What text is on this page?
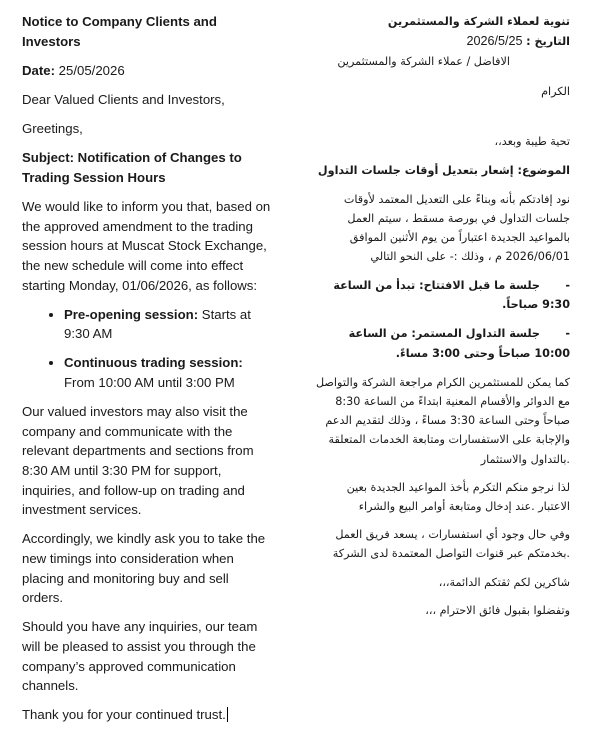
Notice to Company Clients and Investors

Date: 25/05/2026

Dear Valued Clients and Investors,

Greetings,

Subject: Notification of Changes to Trading Session Hours

We would like to inform you that, based on the approved amendment to the trading session hours at Muscat Stock Exchange, the new schedule will come into effect starting Monday, 01/06/2026, as follows:

• Pre-opening session: Starts at 9:30 AM
• Continuous trading session:
From 10:00 AM until 3:00 PM

Our valued investors may also visit the company and communicate with the relevant departments and sections from 8:30 AM until 3:30 PM for support, inquiries, and follow-up on trading and investment services.

Accordingly, we kindly ask you to take the new timings into consideration when placing and monitoring buy and sell orders.

Should you have any inquiries, our team will be pleased to assist you through the company’s approved communication channels.

Thank you for your continued trust.

تنوية لعملاء الشركة والمستثمرين

التاريخ : 2026/5/25

الافاضل / عملاء الشركة والمستثمرين

الكرام

تحية طيبة وبعد،،

الموضوع: إشعار بتعديل أوقات جلسات التداول

نود إفادتكم بأنه وبناءً على التعديل المعتمد لأوقات جلسات التداول في بورصة مسقط ، سيتم العمل بالمواعيد الجديدة اعتباراً من يوم الأثنين الموافق 2026/06/01 م ، وذلك :- على النحو التالي

-جلسة ما قبل الافتتاح: تبدأ من الساعة 9:30 صباحاً.

-جلسة التداول المستمر: من الساعة 10:00 صباحاً وحتى 3:00 مساءً.

كما يمكن للمستثمرين الكرام مراجعة الشركة والتواصل مع الدوائر والأقسام المعنية ابتداءً من الساعة 8:30 صباحاً وحتى الساعة 3:30 مساءً ، وذلك لتقديم الدعم والإجابة على الاستفسارات ومتابعة الخدمات المتعلقة .بالتداول والاستثمار

لذا نرجو منكم التكرم بأخذ المواعيد الجديدة بعين الاعتبار .عند إدخال ومتابعة أوامر البيع والشراء

وفي حال وجود أي استفسارات ، يسعد فريق العمل .بخدمتكم عبر قنوات التواصل المعتمدة لدى الشركة

شاكرين لكم ثقتكم الدائمة،،،

وتفضلوا بقبول فائق الاحترام ،،،
